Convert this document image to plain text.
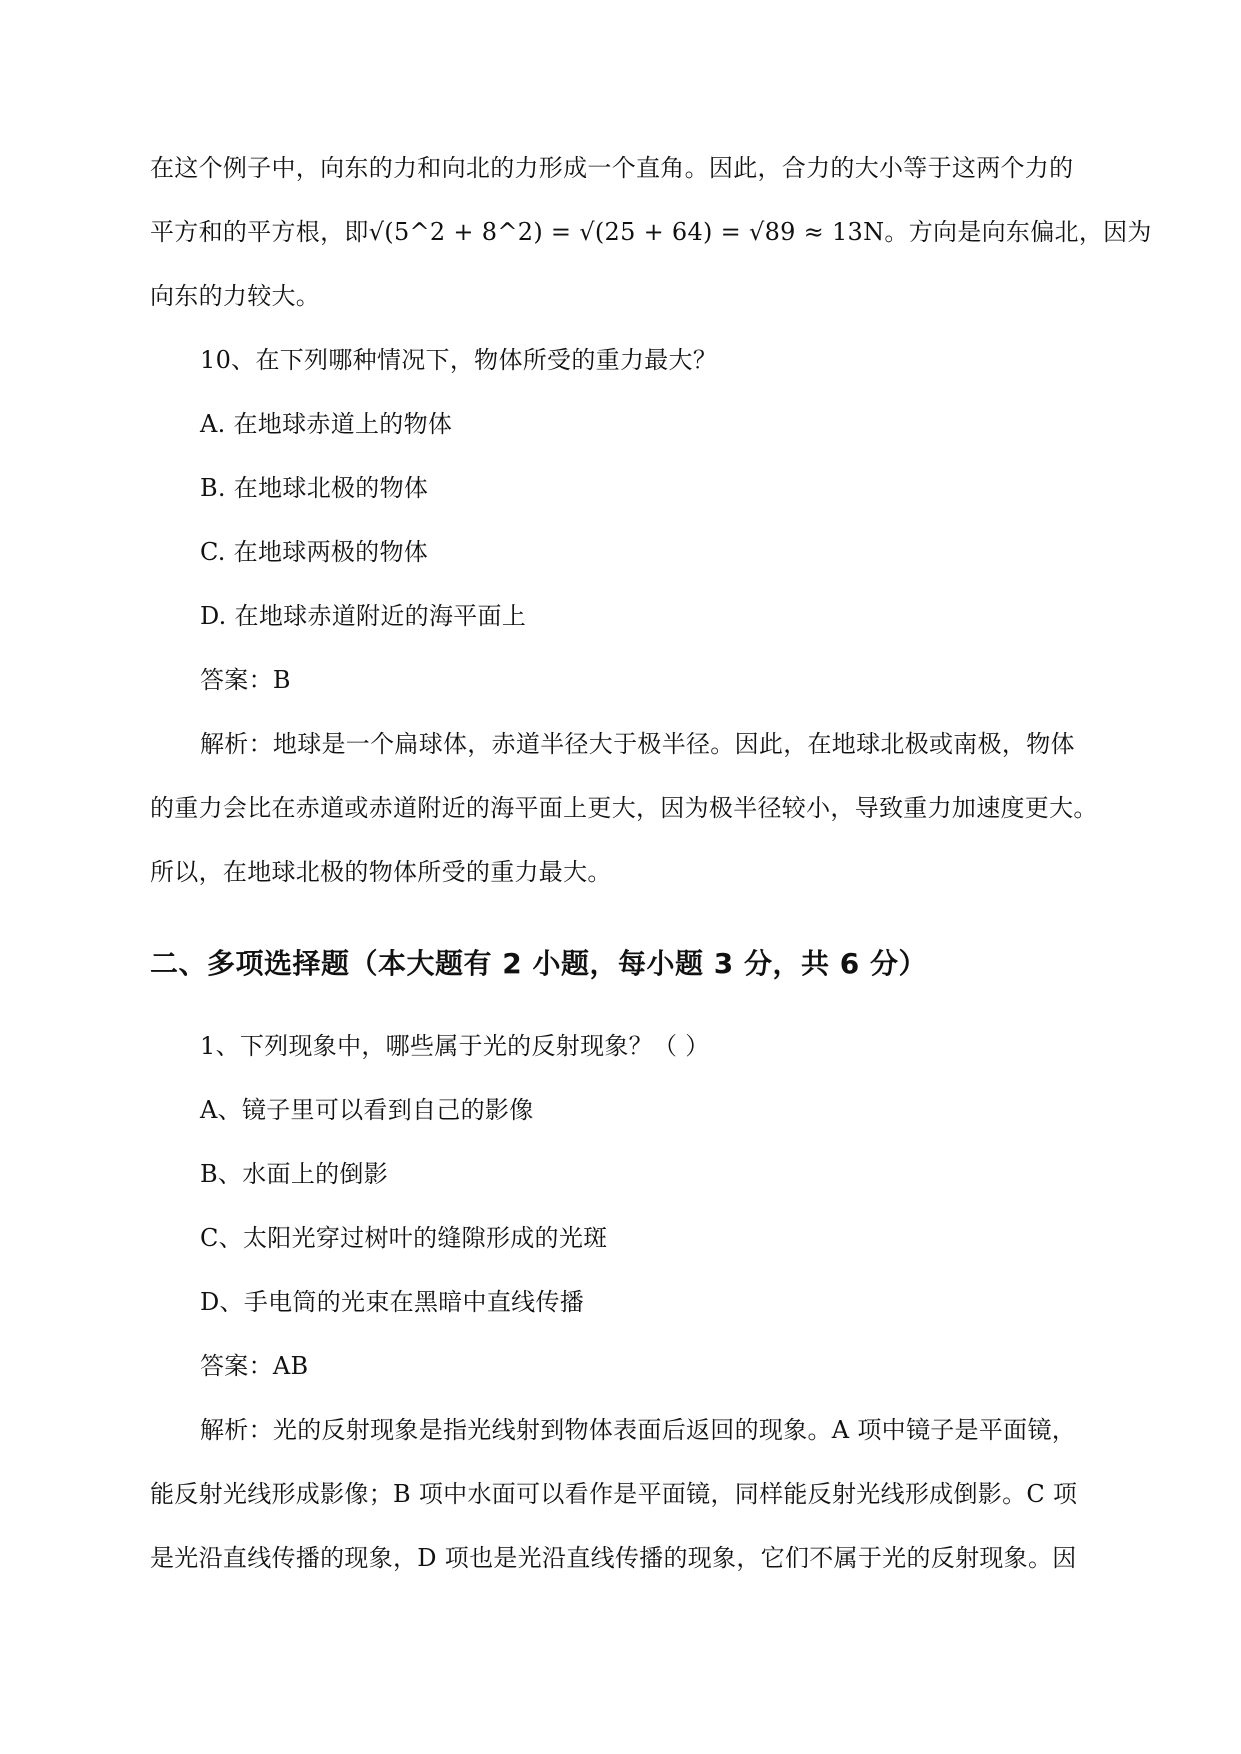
在这个例子中，向东的力和向北的力形成一个直角。因此，合力的大小等于这两个力的
平方和的平方根，即√(5^2 + 8^2) = √(25 + 64) = √89 ≈ 13N。方向是向东偏北，因为
向东的力较大。
10、在下列哪种情况下，物体所受的重力最大？
A. 在地球赤道上的物体
B. 在地球北极的物体
C. 在地球两极的物体
D. 在地球赤道附近的海平面上
答案：B
解析：地球是一个扁球体，赤道半径大于极半径。因此，在地球北极或南极，物体
的重力会比在赤道或赤道附近的海平面上更大，因为极半径较小，导致重力加速度更大。
所以，在地球北极的物体所受的重力最大。
二、多项选择题（本大题有 2 小题，每小题 3 分，共 6 分）
1、下列现象中，哪些属于光的反射现象？（ ）
A、镜子里可以看到自己的影像
B、水面上的倒影
C、太阳光穿过树叶的缝隙形成的光斑
D、手电筒的光束在黑暗中直线传播
答案：AB
解析：光的反射现象是指光线射到物体表面后返回的现象。A 项中镜子是平面镜，
能反射光线形成影像；B 项中水面可以看作是平面镜，同样能反射光线形成倒影。C 项
是光沿直线传播的现象，D 项也是光沿直线传播的现象，它们不属于光的反射现象。因
